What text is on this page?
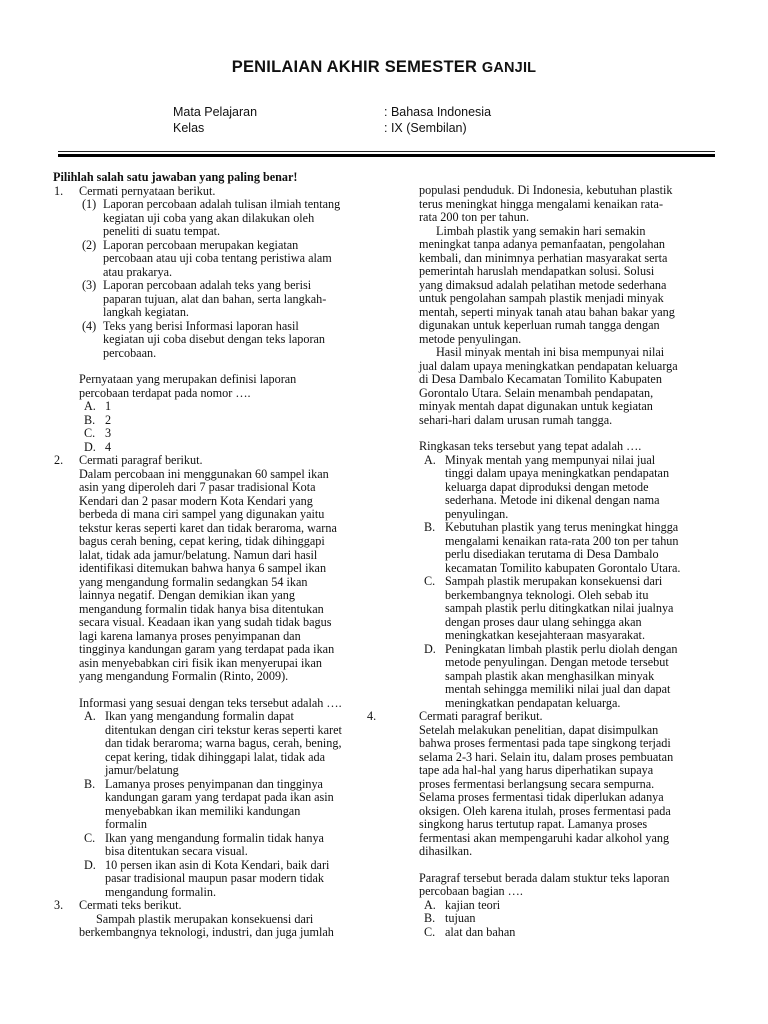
PENILAIAN AKHIR SEMESTER GANJIL
Mata Pelajaran	: Bahasa Indonesia
Kelas	: IX (Sembilan)
Pilihlah salah satu jawaban yang paling benar!
1. Cermati pernyataan berikut.
(1) Laporan percobaan adalah tulisan ilmiah tentang
kegiatan uji coba yang akan dilakukan oleh
peneliti di suatu tempat.
(2) Laporan percobaan merupakan kegiatan
percobaan atau uji coba tentang peristiwa alam
atau prakarya.
(3) Laporan percobaan adalah teks yang berisi
paparan tujuan, alat dan bahan, serta langkah-
langkah kegiatan.
(4) Teks yang berisi Informasi laporan hasil
kegiatan uji coba disebut dengan teks laporan
percobaan.
Pernyataan yang merupakan definisi laporan
percobaan terdapat pada nomor ….
A. 1
B. 2
C. 3
D. 4
2. Cermati paragraf berikut.
Dalam percobaan ini menggunakan 60 sampel ikan
asin yang diperoleh dari 7 pasar tradisional Kota
Kendari dan 2 pasar modern Kota Kendari yang
berbeda di mana ciri sampel yang digunakan yaitu
tekstur keras seperti karet dan tidak beraroma, warna
bagus cerah bening, cepat kering, tidak dihinggapi
lalat, tidak ada jamur/belatung. Namun dari hasil
identifikasi ditemukan bahwa hanya 6 sampel ikan
yang mengandung formalin sedangkan 54 ikan
lainnya negatif. Dengan demikian ikan yang
mengandung formalin tidak hanya bisa ditentukan
secara visual. Keadaan ikan yang sudah tidak bagus
lagi karena lamanya proses penyimpanan dan
tingginya kandungan garam yang terdapat pada ikan
asin menyebabkan ciri fisik ikan menyerupai ikan
yang mengandung Formalin (Rinto, 2009).
Informasi yang sesuai dengan teks tersebut adalah ….
A. Ikan yang mengandung formalin dapat
ditentukan dengan ciri tekstur keras seperti karet
dan tidak beraroma; warna bagus, cerah, bening,
cepat kering, tidak dihinggapi lalat, tidak ada
jamur/belatung
B. Lamanya proses penyimpanan dan tingginya
kandungan garam yang terdapat pada ikan asin
menyebabkan ikan memiliki kandungan
formalin
C. Ikan yang mengandung formalin tidak hanya
bisa ditentukan secara visual.
D. 10 persen ikan asin di Kota Kendari, baik dari
pasar tradisional maupun pasar modern tidak
mengandung formalin.
3. Cermati teks berikut.
Sampah plastik merupakan konsekuensi dari
berkembangnya teknologi, industri, dan juga jumlah
populasi penduduk. Di Indonesia, kebutuhan plastik
terus meningkat hingga mengalami kenaikan rata-
rata 200 ton per tahun.
Limbah plastik yang semakin hari semakin
meningkat tanpa adanya pemanfaatan, pengolahan
kembali, dan minimnya perhatian masyarakat serta
pemerintah haruslah mendapatkan solusi. Solusi
yang dimaksud adalah pelatihan metode sederhana
untuk pengolahan sampah plastik menjadi minyak
mentah, seperti minyak tanah atau bahan bakar yang
digunakan untuk keperluan rumah tangga dengan
metode penyulingan.
Hasil minyak mentah ini bisa mempunyai nilai
jual dalam upaya meningkatkan pendapatan keluarga
di Desa Dambalo Kecamatan Tomilito Kabupaten
Gorontalo Utara. Selain menambah pendapatan,
minyak mentah dapat digunakan untuk kegiatan
sehari-hari dalam urusan rumah tangga.
Ringkasan teks tersebut yang tepat adalah ….
A. Minyak mentah yang mempunyai nilai jual
tinggi dalam upaya meningkatkan pendapatan
keluarga dapat diproduksi dengan metode
sederhana. Metode ini dikenal dengan nama
penyulingan.
B. Kebutuhan plastik yang terus meningkat hingga
mengalami kenaikan rata-rata 200 ton per tahun
perlu disediakan terutama di Desa Dambalo
kecamatan Tomilito kabupaten Gorontalo Utara.
C. Sampah plastik merupakan konsekuensi dari
berkembangnya teknologi. Oleh sebab itu
sampah plastik perlu ditingkatkan nilai jualnya
dengan proses daur ulang sehingga akan
meningkatkan kesejahteraan masyarakat.
D. Peningkatan limbah plastik perlu diolah dengan
metode penyulingan. Dengan metode tersebut
sampah plastik akan menghasilkan minyak
mentah sehingga memiliki nilai jual dan dapat
meningkatkan pendapatan keluarga.
4.	Cermati paragraf berikut.
Setelah melakukan penelitian, dapat disimpulkan
bahwa proses fermentasi pada tape singkong terjadi
selama 2-3 hari. Selain itu, dalam proses pembuatan
tape ada hal-hal yang harus diperhatikan supaya
proses fermentasi berlangsung secara sempurna.
Selama proses fermentasi tidak diperlukan adanya
oksigen. Oleh karena itulah, proses fermentasi pada
singkong harus tertutup rapat. Lamanya proses
fermentasi akan mempengaruhi kadar alkohol yang
dihasilkan.
Paragraf tersebut berada dalam stuktur teks laporan
percobaan bagian ….
A. kajian teori
B. tujuan
C. alat dan bahan
